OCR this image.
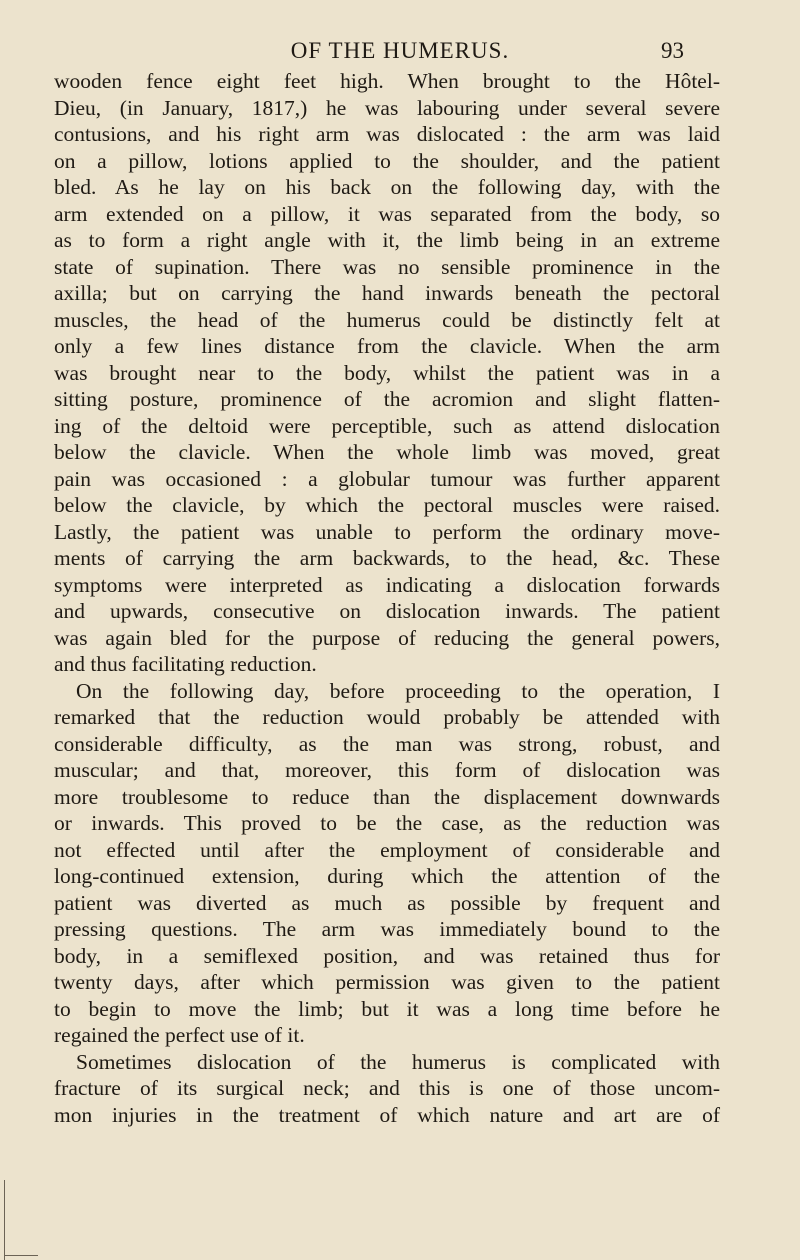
OF THE HUMERUS.	93
wooden fence eight feet high. When brought to the Hôtel-
Dieu, (in January, 1817,) he was labouring under several severe
contusions, and his right arm was dislocated : the arm was laid
on a pillow, lotions applied to the shoulder, and the patient
bled. As he lay on his back on the following day, with the
arm extended on a pillow, it was separated from the body, so
as to form a right angle with it, the limb being in an extreme
state of supination. There was no sensible prominence in the
axilla; but on carrying the hand inwards beneath the pectoral
muscles, the head of the humerus could be distinctly felt at
only a few lines distance from the clavicle. When the arm
was brought near to the body, whilst the patient was in a
sitting posture, prominence of the acromion and slight flatten-
ing of the deltoid were perceptible, such as attend dislocation
below the clavicle. When the whole limb was moved, great
pain was occasioned : a globular tumour was further apparent
below the clavicle, by which the pectoral muscles were raised.
Lastly, the patient was unable to perform the ordinary move-
ments of carrying the arm backwards, to the head, &c. These
symptoms were interpreted as indicating a dislocation forwards
and upwards, consecutive on dislocation inwards. The patient
was again bled for the purpose of reducing the general powers,
and thus facilitating reduction.
On the following day, before proceeding to the operation, I
remarked that the reduction would probably be attended with
considerable difficulty, as the man was strong, robust, and
muscular; and that, moreover, this form of dislocation was
more troublesome to reduce than the displacement downwards
or inwards. This proved to be the case, as the reduction was
not effected until after the employment of considerable and
long-continued extension, during which the attention of the
patient was diverted as much as possible by frequent and
pressing questions. The arm was immediately bound to the
body, in a semiflexed position, and was retained thus for
twenty days, after which permission was given to the patient
to begin to move the limb; but it was a long time before he
regained the perfect use of it.
Sometimes dislocation of the humerus is complicated with
fracture of its surgical neck; and this is one of those uncom-
mon injuries in the treatment of which nature and art are of
